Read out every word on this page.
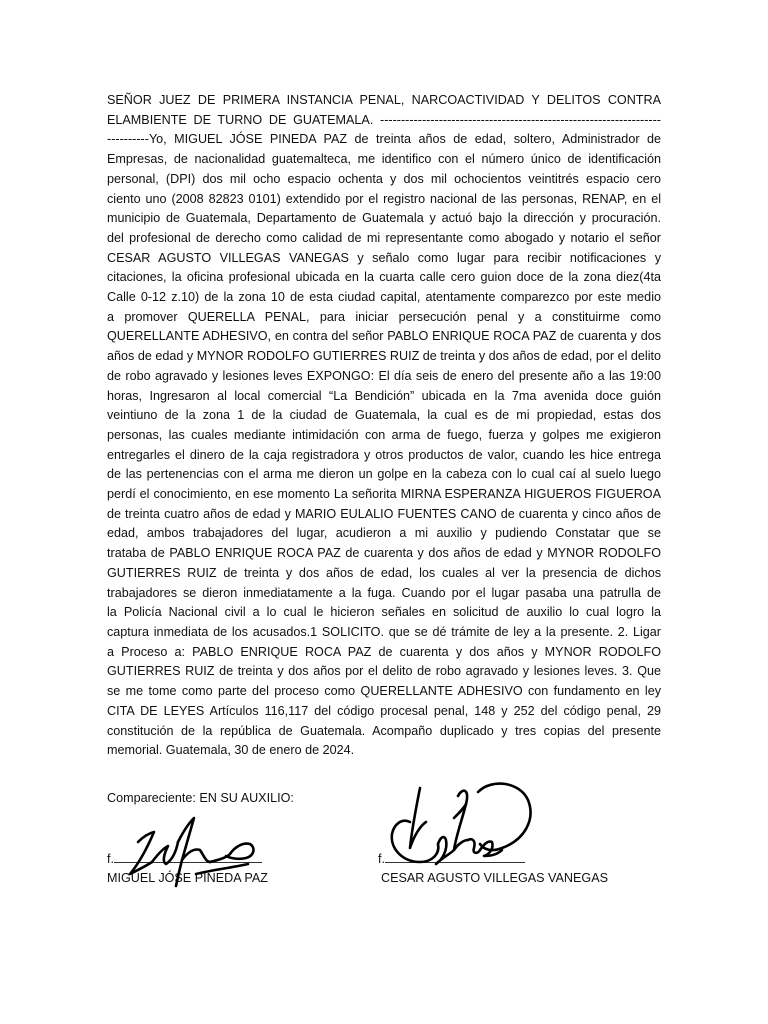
SEÑOR JUEZ DE PRIMERA INSTANCIA PENAL, NARCOACTIVIDAD Y DELITOS CONTRA
ELAMBIENTE DE TURNO DE GUATEMALA. -------------------------------------------------------------------
----------Yo, MIGUEL JÓSE PINEDA PAZ de treinta años de edad, soltero, Administrador de
Empresas, de nacionalidad guatemalteca, me identifico con el número único de identificación
personal, (DPI) dos mil ocho espacio ochenta y dos mil ochocientos veintitrés espacio cero
ciento uno (2008 82823 0101) extendido por el registro nacional de las personas, RENAP, en el
municipio de Guatemala, Departamento de Guatemala y actuó bajo la dirección y procuración.
del profesional de derecho como calidad de mi representante como abogado y notario el señor
CESAR AGUSTO VILLEGAS VANEGAS y señalo como lugar para recibir notificaciones y
citaciones, la oficina profesional ubicada en la cuarta calle cero guion doce de la zona diez(4ta
Calle 0-12 z.10) de la zona 10 de esta ciudad capital, atentamente comparezco por este medio
a promover QUERELLA PENAL, para iniciar persecución penal y a constituirme como
QUERELLANTE ADHESIVO, en contra del señor PABLO ENRIQUE ROCA PAZ de cuarenta y dos
años de edad y MYNOR RODOLFO GUTIERRES RUIZ de treinta y dos años de edad, por el delito
de robo agravado y lesiones leves EXPONGO: El día seis de enero del presente año a las 19:00
horas, Ingresaron al local comercial “La Bendición” ubicada en la 7ma avenida doce guión
veintiuno de la zona 1 de la ciudad de Guatemala, la cual es de mi propiedad, estas dos
personas, las cuales mediante intimidación con arma de fuego, fuerza y golpes me exigieron
entregarles el dinero de la caja registradora y otros productos de valor, cuando les hice entrega
de las pertenencias con el arma me dieron un golpe en la cabeza con lo cual caí al suelo luego
perdí el conocimiento, en ese momento La señorita MIRNA ESPERANZA HIGUEROS FIGUEROA
de treinta cuatro años de edad y MARIO EULALIO FUENTES CANO de cuarenta y cinco años de
edad, ambos trabajadores del lugar, acudieron a mi auxilio y pudiendo Constatar que se
trataba de PABLO ENRIQUE ROCA PAZ de cuarenta y dos años de edad y MYNOR RODOLFO
GUTIERRES RUIZ de treinta y dos años de edad, los cuales al ver la presencia de dichos
trabajadores se dieron inmediatamente a la fuga. Cuando por el lugar pasaba una patrulla de
la Policía Nacional civil a lo cual le hicieron señales en solicitud de auxilio lo cual logro la
captura inmediata de los acusados.1 SOLICITO. que se dé trámite de ley a la presente. 2. Ligar
a Proceso a: PABLO ENRIQUE ROCA PAZ de cuarenta y dos años y MYNOR RODOLFO
GUTIERRES RUIZ de treinta y dos años por el delito de robo agravado y lesiones leves. 3. Que
se me tome como parte del proceso como QUERELLANTE ADHESIVO con fundamento en ley
CITA DE LEYES Artículos 116,117 del código procesal penal, 148 y 252 del código penal, 29
constitución de la república de Guatemala. Acompaño duplicado y tres copias del presente
memorial. Guatemala, 30 de enero de 2024.

Compareciente: EN SU AUXILIO:

f.

MIGUEL JÓSE PINEDA PAZ

f.

CESAR AGUSTO VILLEGAS VANEGAS
